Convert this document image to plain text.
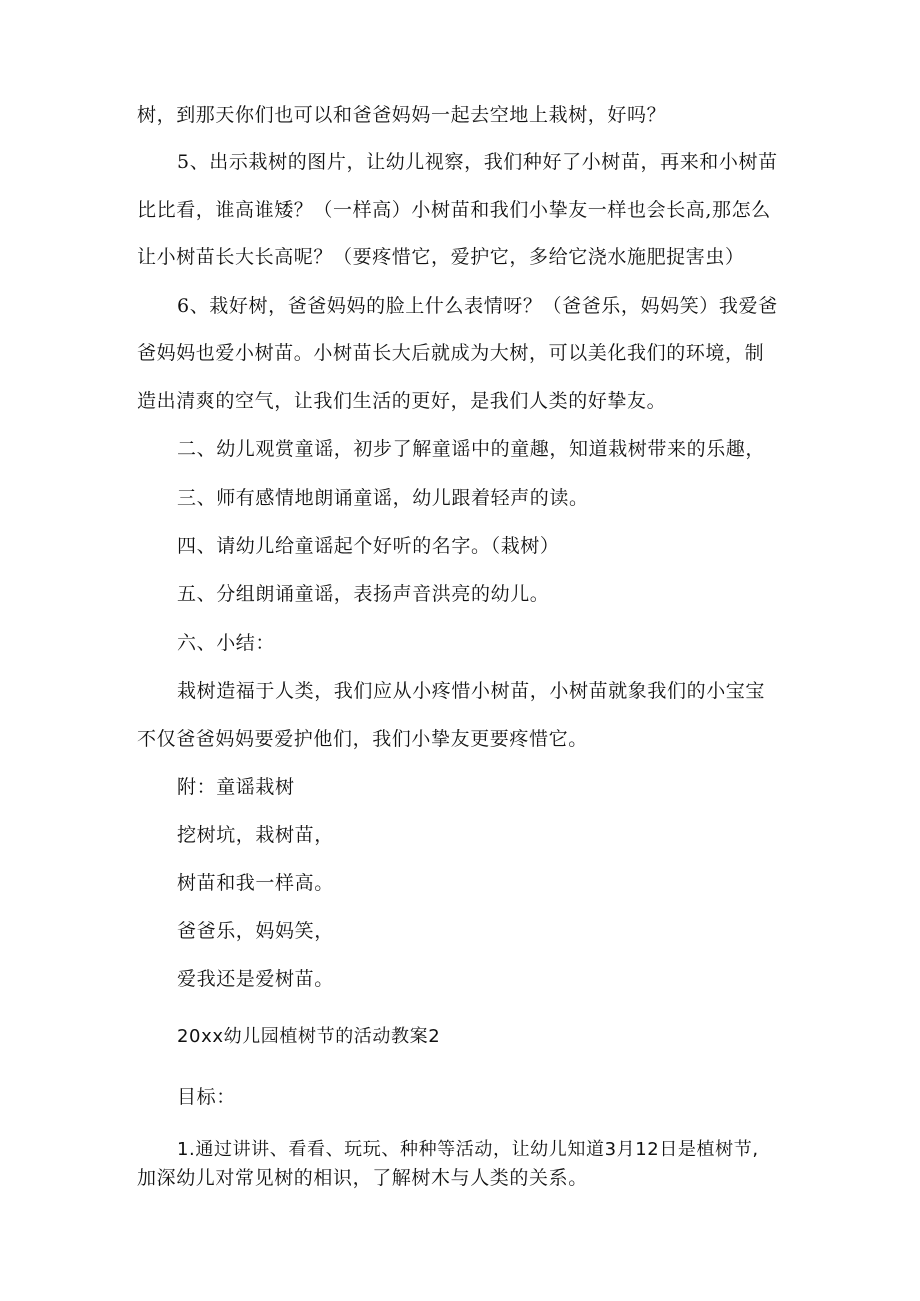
树，到那天你们也可以和爸爸妈妈一起去空地上栽树，好吗？
5、出示栽树的图片，让幼儿视察，我们种好了小树苗，再来和小树苗
比比看，谁高谁矮？（一样高）小树苗和我们小挚友一样也会长高,那怎么
让小树苗长大长高呢？（要疼惜它，爱护它，多给它浇水施肥捉害虫）
6、栽好树，爸爸妈妈的脸上什么表情呀？（爸爸乐，妈妈笑）我爱爸
爸妈妈也爱小树苗。小树苗长大后就成为大树，可以美化我们的环境，制
造出清爽的空气，让我们生活的更好，是我们人类的好挚友。
二、幼儿观赏童谣，初步了解童谣中的童趣，知道栽树带来的乐趣，
三、师有感情地朗诵童谣，幼儿跟着轻声的读。
四、请幼儿给童谣起个好听的名字。（栽树）
五、分组朗诵童谣，表扬声音洪亮的幼儿。
六、小结：
栽树造福于人类，我们应从小疼惜小树苗，小树苗就象我们的小宝宝
不仅爸爸妈妈要爱护他们，我们小挚友更要疼惜它。
附：童谣栽树
挖树坑，栽树苗，
树苗和我一样高。
爸爸乐，妈妈笑，
爱我还是爱树苗。
20xx幼儿园植树节的活动教案2
目标：
1.通过讲讲、看看、玩玩、种种等活动，让幼儿知道3月12日是植树节,
加深幼儿对常见树的相识，了解树木与人类的关系。
